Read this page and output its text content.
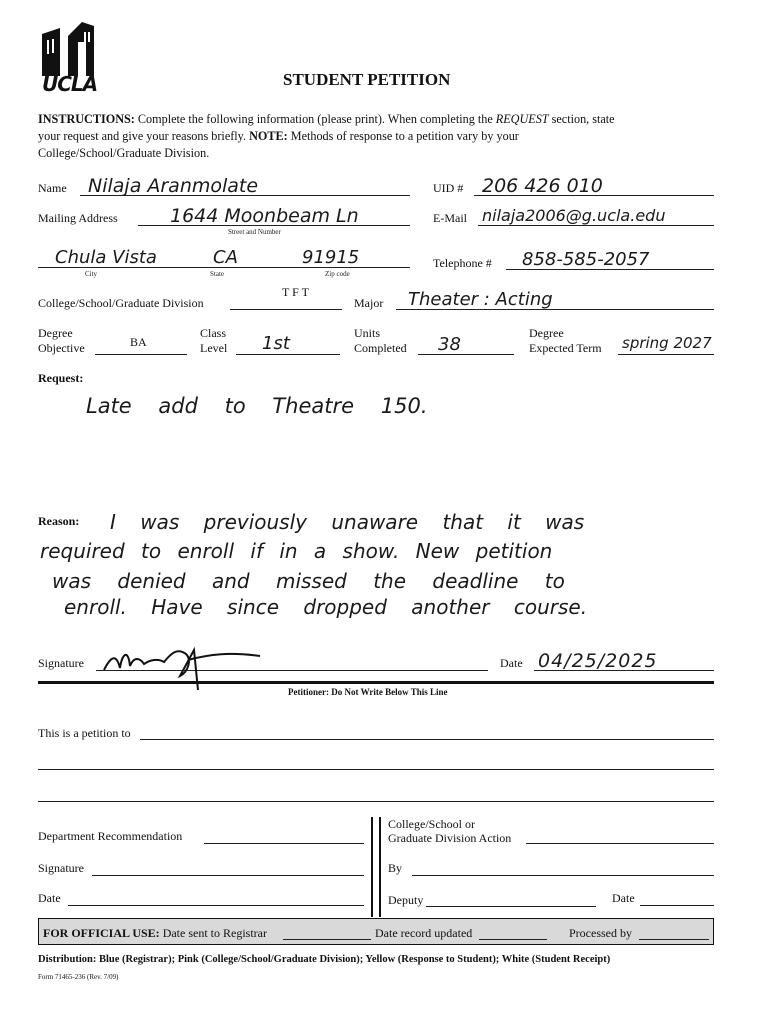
UCLA	STUDENT PETITION
INSTRUCTIONS: Complete the following information (please print). When completing the REQUEST section, state
your request and give your reasons briefly. NOTE: Methods of response to a petition vary by your
College/School/Graduate Division.
Name Nilaja Aranmolate	UID # 206 426 010
Mailing Address	1644 Moonbeam Ln
Street and Number
E-Mail nilaja2006@g.ucla.edu
Chula Vista	CA	91915
City	State	Zip code
Telephone # 858-585-2057
College/School/Graduate Division
T F T
Major Theater : Acting
Degree
Objective	BA
Class
Level 1st	Units
Completed 38
Degree
Expected Term spring 2027
Request:
Late add to Theatre 150.
Reason: I was previously unaware that it was
required to enroll if in a show. New petition
was denied and missed the deadline to
enroll. Have since dropped another course.
Signature	Date 04/25/2025
Petitioner: Do Not Write Below This Line
This is a petition to
Department Recommendation
College/School or
Graduate Division Action
Signature	By
Date	Deputy	Date
FOR OFFICIAL USE: Date sent to Registrar	Date record updated	Processed by
Distribution: Blue (Registrar); Pink (College/School/Graduate Division); Yellow (Response to Student); White (Student Receipt)
Form 71465-236 (Rev. 7/09)
